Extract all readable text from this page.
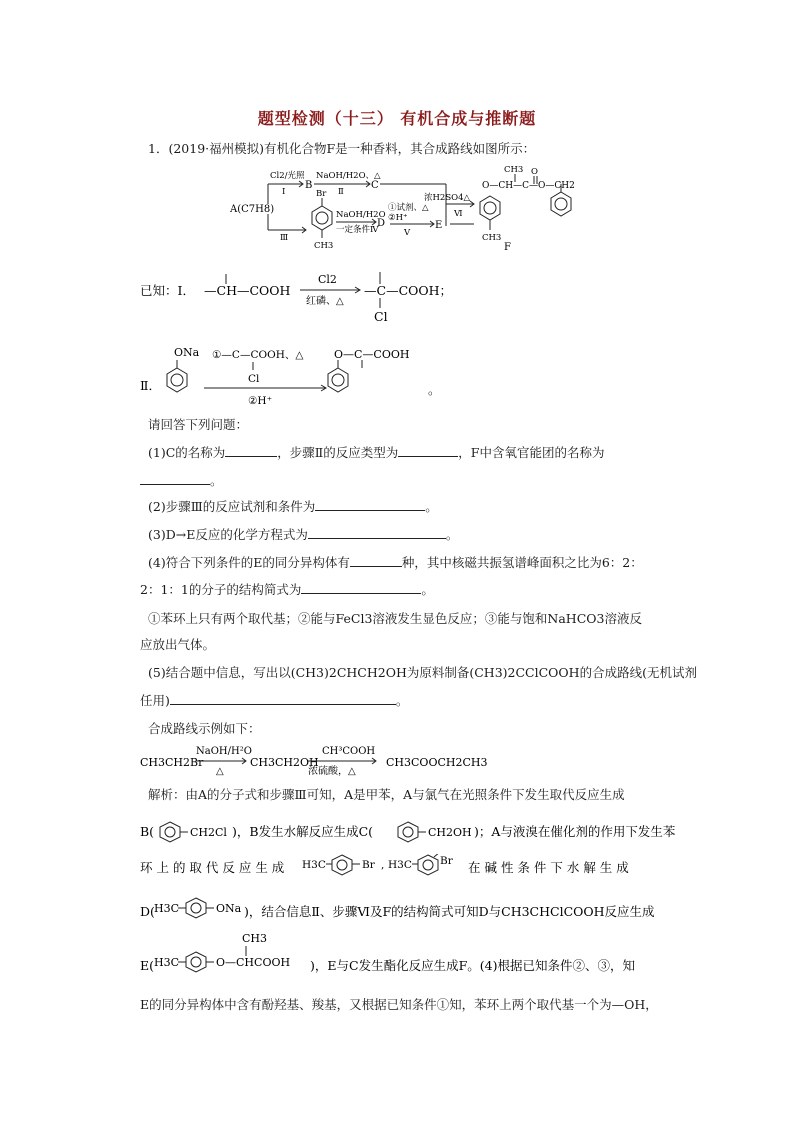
题型检测（十三） 有机合成与推断题
1．(2019·福州模拟)有机化合物F是一种香料，其合成路线如图所示：
A(C7H8)
Cl2/光照
Ⅰ
B
NaOH/H2O、△
Ⅱ
C
Ⅲ
Br
CH3
NaOH/H2O
一定条件Ⅳ
D
①试剂、△
②H⁺
Ⅴ
E
浓H2SO4△
Ⅵ
O—CH—C—O—CH2
CH3 O
CH3
F
已知：Ⅰ． —CH—COOH
Cl2
红磷、△
—C—COOH；
Cl
Ⅱ．
ONa ①—C—COOH、△
Cl
②H⁺
O—C—COOH
。
请回答下列问题：
(1)C的名称为	，步骤Ⅱ的反应类型为	，F中含氧官能团的名称为
。
(2)步骤Ⅲ的反应试剂和条件为	。
(3)D→E反应的化学方程式为	。
(4)符合下列条件的E的同分异构体有	种，其中核磁共振氢谱峰面积之比为6：2：
2：1：1的分子的结构简式为	。
①苯环上只有两个取代基；②能与FeCl3溶液发生显色反应；③能与饱和NaHCO3溶液反
应放出气体。
(5)结合题中信息，写出以(CH3)2CHCH2OH为原料制备(CH3)2CClCOOH的合成路线(无机试剂
任用)	。
合成路线示例如下：
CH3CH2Br
NaOH/H²O
△
CH3CH2OH
CH³COOH
浓硫酸，△
CH3COOCH2CH3
解析：由A的分子式和步骤Ⅲ可知，A是甲苯，A与氯气在光照条件下发生取代反应生成
B(	CH2Cl )，B发生水解反应生成C(	CH2OH )；A与液溴在催化剂的作用下发生苯
环 上 的 取 代 反 应 生 成 H3C	Br , H3C	Br 在 碱 性 条 件 下 水 解 生 成
D( H3C	ONa )，结合信息Ⅱ、步骤Ⅵ及F的结构简式可知D与CH3CHClCOOH反应生成
CH3
E( H3C	O—CHCOOH )，E与C发生酯化反应生成F。(4)根据已知条件②、③，知
E的同分异构体中含有酚羟基、羧基，又根据已知条件①知，苯环上两个取代基一个为—OH，
